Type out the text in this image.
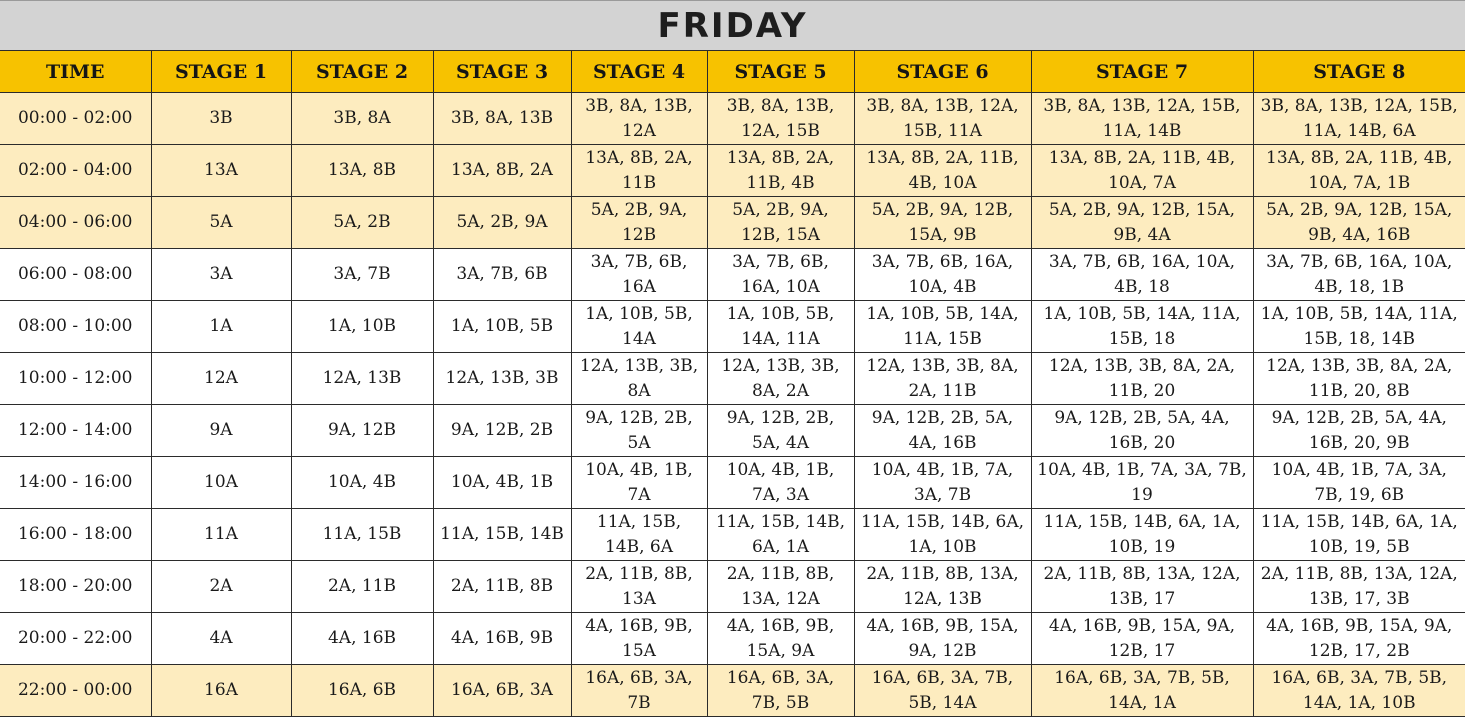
FRIDAY
TIME	STAGE 1	STAGE 2	STAGE 3	STAGE 4	STAGE 5	STAGE 6	STAGE 7	STAGE 8
00:00 - 02:00	3B	3B, 8A	3B, 8A, 13B	3B, 8A, 13B, 12A	3B, 8A, 13B, 12A, 15B	3B, 8A, 13B, 12A, 15B, 11A	3B, 8A, 13B, 12A, 15B, 11A, 14B	3B, 8A, 13B, 12A, 15B, 11A, 14B, 6A
02:00 - 04:00	13A	13A, 8B	13A, 8B, 2A	13A, 8B, 2A, 11B	13A, 8B, 2A, 11B, 4B	13A, 8B, 2A, 11B, 4B, 10A	13A, 8B, 2A, 11B, 4B, 10A, 7A	13A, 8B, 2A, 11B, 4B, 10A, 7A, 1B
04:00 - 06:00	5A	5A, 2B	5A, 2B, 9A	5A, 2B, 9A, 12B	5A, 2B, 9A, 12B, 15A	5A, 2B, 9A, 12B, 15A, 9B	5A, 2B, 9A, 12B, 15A, 9B, 4A	5A, 2B, 9A, 12B, 15A, 9B, 4A, 16B
06:00 - 08:00	3A	3A, 7B	3A, 7B, 6B	3A, 7B, 6B, 16A	3A, 7B, 6B, 16A, 10A	3A, 7B, 6B, 16A, 10A, 4B	3A, 7B, 6B, 16A, 10A, 4B, 18	3A, 7B, 6B, 16A, 10A, 4B, 18, 1B
08:00 - 10:00	1A	1A, 10B	1A, 10B, 5B	1A, 10B, 5B, 14A	1A, 10B, 5B, 14A, 11A	1A, 10B, 5B, 14A, 11A, 15B	1A, 10B, 5B, 14A, 11A, 15B, 18	1A, 10B, 5B, 14A, 11A, 15B, 18, 14B
10:00 - 12:00	12A	12A, 13B	12A, 13B, 3B	12A, 13B, 3B, 8A	12A, 13B, 3B, 8A, 2A	12A, 13B, 3B, 8A, 2A, 11B	12A, 13B, 3B, 8A, 2A, 11B, 20	12A, 13B, 3B, 8A, 2A, 11B, 20, 8B
12:00 - 14:00	9A	9A, 12B	9A, 12B, 2B	9A, 12B, 2B, 5A	9A, 12B, 2B, 5A, 4A	9A, 12B, 2B, 5A, 4A, 16B	9A, 12B, 2B, 5A, 4A, 16B, 20	9A, 12B, 2B, 5A, 4A, 16B, 20, 9B
14:00 - 16:00	10A	10A, 4B	10A, 4B, 1B	10A, 4B, 1B, 7A	10A, 4B, 1B, 7A, 3A	10A, 4B, 1B, 7A, 3A, 7B	10A, 4B, 1B, 7A, 3A, 7B, 19	10A, 4B, 1B, 7A, 3A, 7B, 19, 6B
16:00 - 18:00	11A	11A, 15B	11A, 15B, 14B	11A, 15B, 14B, 6A	11A, 15B, 14B, 6A, 1A	11A, 15B, 14B, 6A, 1A, 10B	11A, 15B, 14B, 6A, 1A, 10B, 19	11A, 15B, 14B, 6A, 1A, 10B, 19, 5B
18:00 - 20:00	2A	2A, 11B	2A, 11B, 8B	2A, 11B, 8B, 13A	2A, 11B, 8B, 13A, 12A	2A, 11B, 8B, 13A, 12A, 13B	2A, 11B, 8B, 13A, 12A, 13B, 17	2A, 11B, 8B, 13A, 12A, 13B, 17, 3B
20:00 - 22:00	4A	4A, 16B	4A, 16B, 9B	4A, 16B, 9B, 15A	4A, 16B, 9B, 15A, 9A	4A, 16B, 9B, 15A, 9A, 12B	4A, 16B, 9B, 15A, 9A, 12B, 17	4A, 16B, 9B, 15A, 9A, 12B, 17, 2B
22:00 - 00:00	16A	16A, 6B	16A, 6B, 3A	16A, 6B, 3A, 7B	16A, 6B, 3A, 7B, 5B	16A, 6B, 3A, 7B, 5B, 14A	16A, 6B, 3A, 7B, 5B, 14A, 1A	16A, 6B, 3A, 7B, 5B, 14A, 1A, 10B
